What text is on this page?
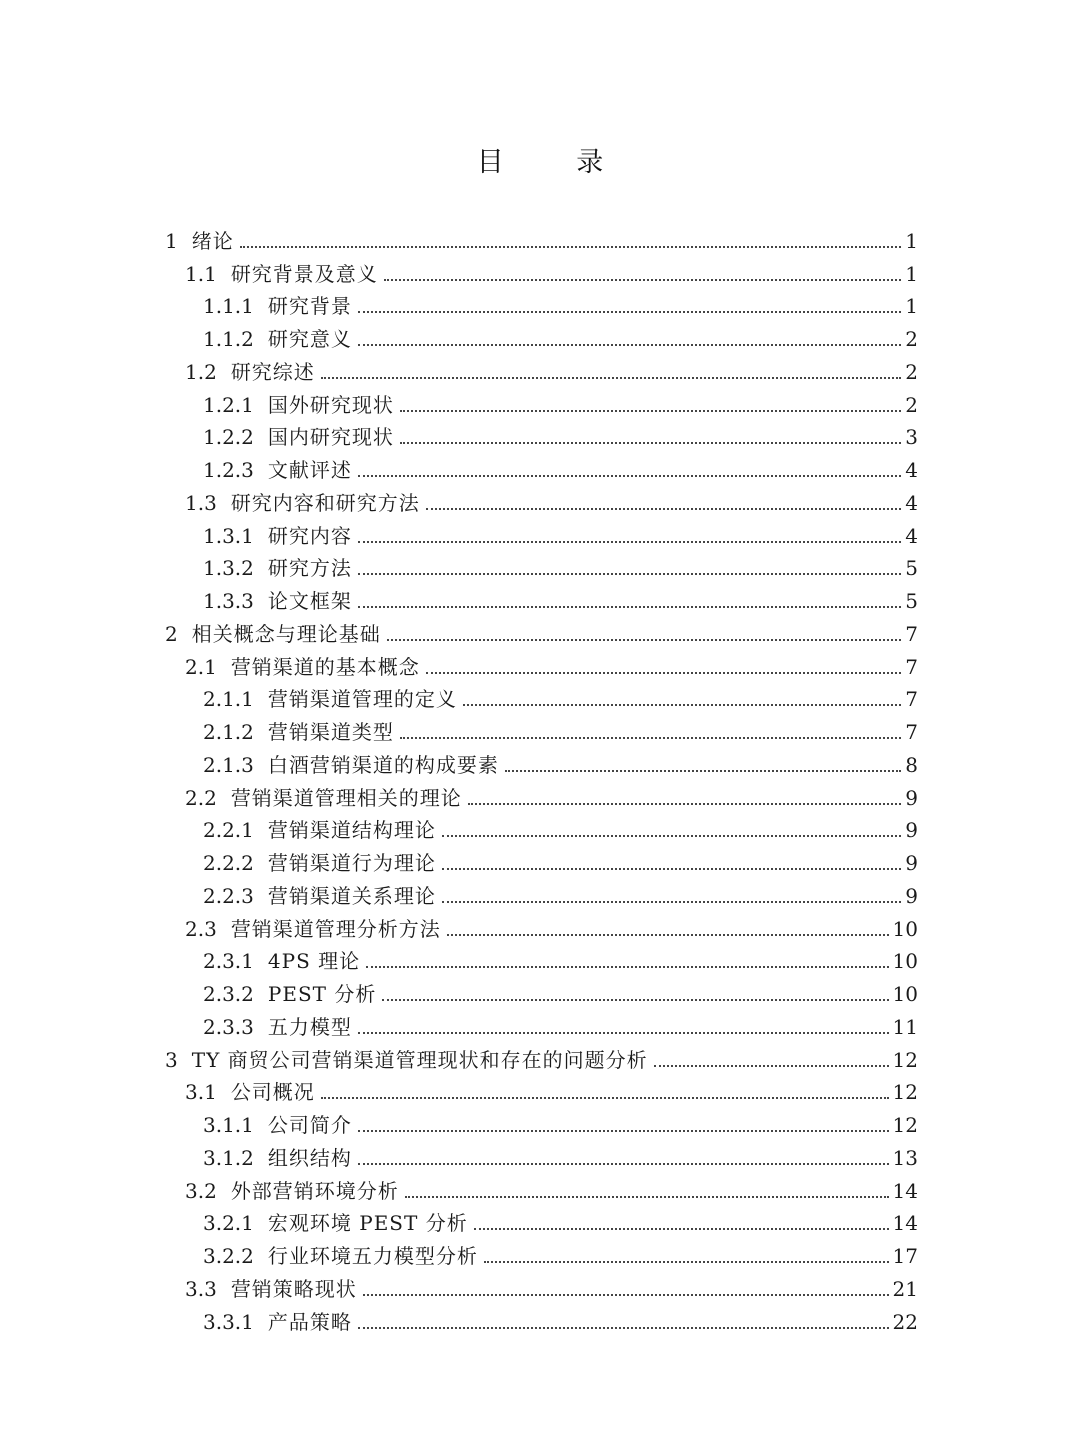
目 录
1 绪论	1
1.1 研究背景及意义	1
1.1.1 研究背景	1
1.1.2 研究意义	2
1.2 研究综述	2
1.2.1 国外研究现状	2
1.2.2 国内研究现状	3
1.2.3 文献评述	4
1.3 研究内容和研究方法	4
1.3.1 研究内容	4
1.3.2 研究方法	5
1.3.3 论文框架	5
2 相关概念与理论基础	7
2.1 营销渠道的基本概念	7
2.1.1 营销渠道管理的定义	7
2.1.2 营销渠道类型	7
2.1.3 白酒营销渠道的构成要素	8
2.2 营销渠道管理相关的理论	9
2.2.1 营销渠道结构理论	9
2.2.2 营销渠道行为理论	9
2.2.3 营销渠道关系理论	9
2.3 营销渠道管理分析方法	10
2.3.1 4PS 理论	10
2.3.2 PEST 分析	10
2.3.3 五力模型	11
3 TY 商贸公司营销渠道管理现状和存在的问题分析	12
3.1 公司概况	12
3.1.1 公司简介	12
3.1.2 组织结构	13
3.2 外部营销环境分析	14
3.2.1 宏观环境 PEST 分析	14
3.2.2 行业环境五力模型分析	17
3.3 营销策略现状	21
3.3.1 产品策略	22
